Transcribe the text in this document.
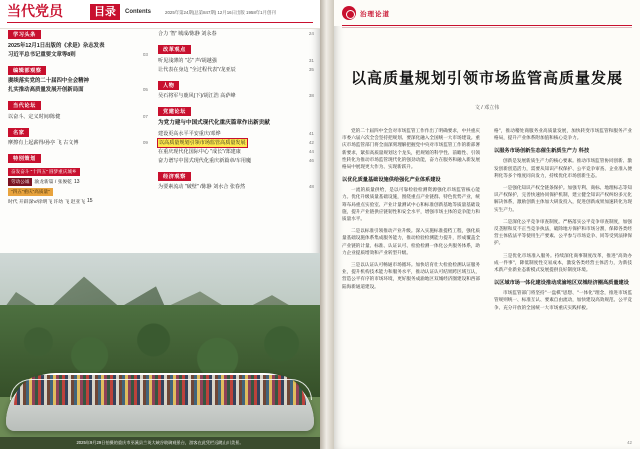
当代党员	目录	Contents	2025年第24期(总第847期) 12月16日出版 1958年1月创刊
学习头条
2025年12月1日出版的《求是》杂志发表
习近平总书记重要文章等8则	03
编辑部观察
赓续落实党的二十届四中全会精神
扎实推动高质量发展开创新局面	05
当代论坛
以奋斗、定义时间/陈健	07
名家
摩擦有上起薪得/孙亭 飞 古文博	09
特别策划
奋发奋斗 "十四五" 圆梦重庆城乡
劳动公诚	渝龙新篇 / 张俊乾 13
"四五"重庆"高质量"
时代 开辟深V/徐明飞 许幼 飞 赵亚飞 15
合力 '智' 城成/陈静 刘永春	24
改革观点
听见浅薄的 "芯" 声/胡越强	31
让代表在身边 "全过程代表"/龙亚辰	35
人物
吴石将军与鹿风(下)/胡江浩 高萨峰	38
党建论坛
为党力建与中国式现代化重庆篇章作出新贡献
建设更高水平平安重庆/邓烨	41
以高质量规划引领市场监管高质量发展	42
在重庆现代化国际中心 "成长"/郑建康	44
奋力谱写中国式现代化重庆新篇章/车用魔	46
经济观察
为要素流动 "破壁" /陈静 刘水合 张春然	48
2025年9月29日拍摄的重庆市巫溪县兰英大峡谷玻璃观景台，游客在此凭栏远眺山川美景。
治理论道
以高质量规划引领市场监管高质量发展
文 / 邓立伟

党的二十届四中全会对市场监管工作作出了明确要求，中共重庆市委六届六次全会坚持把规划、要深化融入全国统一大市场建设。重庆市场监管部门将全面深刻理解把握党中央对市场监管工作的新部署新要求，紧扣高质量规划这个龙头，把规划的科学性、前瞻性、引领性转化为推动市场监管现代化的强劲动能，奋力在服务和融入新发展格局中展现更大作为、实现新跃升。

以优化质量基础设施供给强化产业体系建设

一流的质量供给，是以可靠检验检测资源强化市场监管核心能力。优化升级质量基础设施，围绕重点产业链群、特色优势产业，统筹布局重点实验室、产业计量测试中心和标准创新基地等质量基础设施，提升产业链供应链韧性和安全水平，增强市场主体的竞争能力和质量水平。

二是以标准引领推动产业升级。深入实施标准提档工程，强化质量基础设施体系集成服务能力，推动检验检测能力提升，形成覆盖全产业链的计量、标准、认证认可、检验检测一体化公共服务体系，助力企业提质增效和产业转型升级。

三是以认证认可畅通市场循环。加快培育壮大检验检测认证服务业，提升机构技术能力和服务水平，推动认证认可结果跨区域互认，营造公平有序的市场环境，更好服务成渝地区双城经济圈建设和西部陆海新通道建设。

格"，推动稽处商服务业高质量发展，加快转变市场监管和服务产业格局，提升产业体系附加值和核心竞争力。

以服务市场创新生态催生新质生产力 科技

创新是发展新质生产力的核心要素。推动市场监管协同创新、激发创新创造活力，需要从知识产权保护、公平竞争审查、企业准入便利化等多个维度同向发力，持续优化市场创新生态。

一是强化知识产权全链条保护。加强专利、商标、地理标志等知识产权保护，完善快速协同保护机制，建立健全知识产权纠纷多元化解决体系，激励创新主体加大研发投入，促进创新成果加速转化为现实生产力。

二是深化公平竞争审查制度。严格落实公平竞争审查制度，加强反垄断和反不正当竞争执法，破除地方保护和市场分割，保障各类经营主体依法平等使用生产要素、公平参与市场竞争、同等受到法律保护。

三是优化市场准入服务。持续深化商事制度改革，推进"高效办成一件事"，降低制度性交易成本，激发各类经营主体活力，为新技术新产业新业态新模式发展提供良好制度环境。

以区域市场一体化建设推动成渝地区双城经济圈高质量建设

市场监管部门将坚持"一盘棋"思想、"一体化"理念，推进市场监管规则统一、标准互认、要素自由流动，加快建设高效规范、公平竞争、充分开放的全国统一大市场重庆实践样板。

42
